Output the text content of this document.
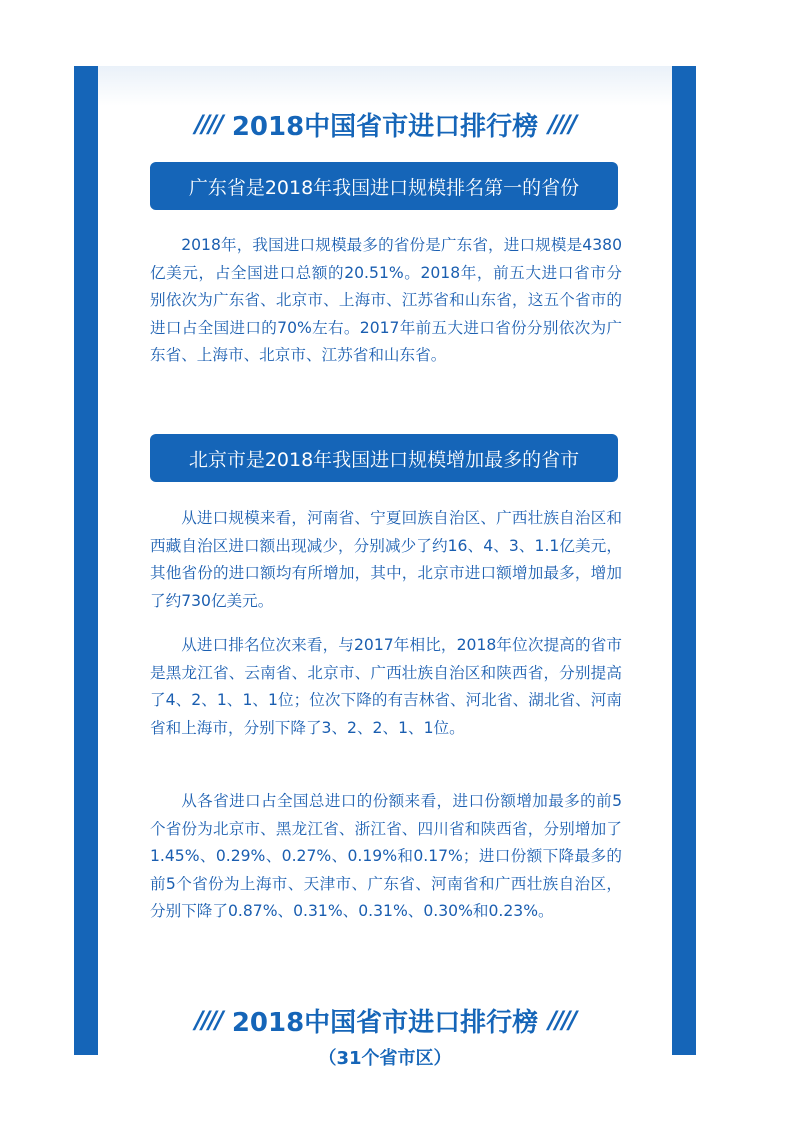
//// 2018中国省市进口排行榜 ////
广东省是2018年我国进口规模排名第一的省份

2018年，我国进口规模最多的省份是广东省，进口规模是4380亿美元，占全国进口总额的20.51%。2018年，前五大进口省市分别依次为广东省、北京市、上海市、江苏省和山东省，这五个省市的进口占全国进口的70%左右。2017年前五大进口省份分别依次为广东省、上海市、北京市、江苏省和山东省。

北京市是2018年我国进口规模增加最多的省市

从进口规模来看，河南省、宁夏回族自治区、广西壮族自治区和西藏自治区进口额出现减少，分别减少了约16、4、3、1.1亿美元，其他省份的进口额均有所增加，其中，北京市进口额增加最多，增加了约730亿美元。

从进口排名位次来看，与2017年相比，2018年位次提高的省市是黑龙江省、云南省、北京市、广西壮族自治区和陕西省，分别提高了4、2、1、1、1位；位次下降的有吉林省、河北省、湖北省、河南省和上海市，分别下降了3、2、2、1、1位。

从各省进口占全国总进口的份额来看，进口份额增加最多的前5个省份为北京市、黑龙江省、浙江省、四川省和陕西省，分别增加了1.45%、0.29%、0.27%、0.19%和0.17%；进口份额下降最多的前5个省份为上海市、天津市、广东省、河南省和广西壮族自治区，分别下降了0.87%、0.31%、0.31%、0.30%和0.23%。

//// 2018中国省市进口排行榜 ////
（31个省市区）
